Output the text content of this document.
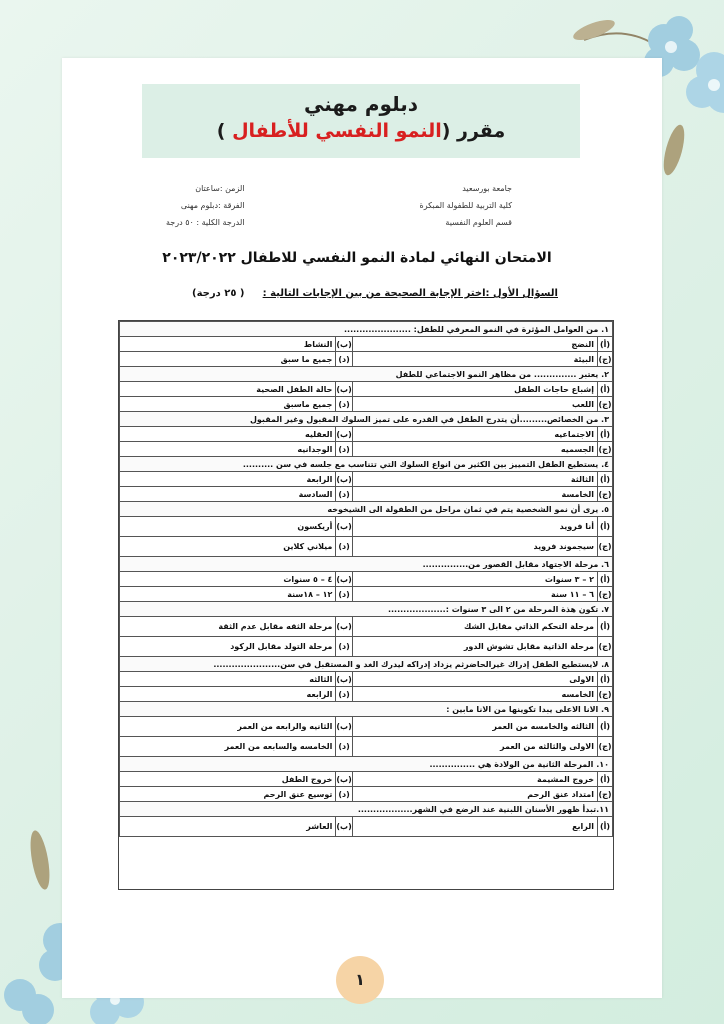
دبلوم مهني
مقرر (النمو النفسي للأطفال )
جامعة بورسعيد
كلية التربية للطفولة المبكرة
قسم العلوم النفسية
الزمن :ساعتان
الفرقة :دبلوم مهنى
الدرجة الكلية : ٥٠ درجة
الامتحان النهائي لمادة النمو النفسي للاطفال ٢٠٢٣/٢٠٢٢
السؤال الأول :اختر الإجابة الصحيحة من بين الإجابات التالية :
( ٢٥ درجة)
١. من العوامل المؤثرة في النمو المعرفي للطفل: ......................			
(أ)	النضج	(ب)	النشاط
(ج)	البيئة	(د)	جميع ما سبق
٢. يعتبر .............. من مظاهر النمو الاجتماعي للطفل			
(أ)	إشباع حاجات الطفل	(ب)	حالة الطفل الصحية
(ج)	اللعب	(د)	جميع ماسبق
٣. من الخصائص.........أن يتدرج الطفل في القدره على تميز السلوك المقبول وغير المقبول			
(أ)	الاجتماعيه	(ب)	العقليه
(ج)	الجسميه	(د)	الوجدانيه
٤. يستطيع الطفل التمييز بين الكثير من انواع السلوك التي تتناسب مع جلسه في سن ..........			
(أ)	الثالثة	(ب)	الرابعة
(ج)	الخامسة	(د)	السادسة
٥. يرى أن نمو الشخصية يتم في ثمان مراحل من الطفولة الى الشيخوخه			
(أ)	أنا فرويد	(ب)	أريكسون
(ج)	سيجموند فرويد	(د)	ميلاني كلاين
٦. مرحلة الاجتهاد مقابل القصور من...............			
(أ)	٢ – ٣ سنوات	(ب)	٤ – ٥ سنوات
(ج)	٦ – ١١ سنة	(د)	١٢ – ١٨سنة
٧. تكون هذة المرحلة من ٢ الى ٣ سنوات :...................			
(أ)	مرحلة التحكم الذاتي مقابل الشك	(ب)	مرحلة الثقه مقابل عدم الثقة
(ج)	مرحلة الذاتية مقابل تشوش الدور	(د)	مرحلة التولد مقابل الركود
٨. لايستطيع الطفل إدراك غيرالحاضرثم يزداد إدراكه ليدرك الغد و المستقبل في سن......................			
(أ)	الاولى	(ب)	الثالثه
(ج)	الخامسه	(د)	الرابعه
٩. الانا الاعلى يبدا تكوينها من الانا مابين :			
(أ)	الثالثه والخامسه من العمر	(ب)	الثانيه والرابعه من العمر
(ج)	الاولى والثالثه من العمر	(د)	الخامسه والسابعه من العمر
١٠. المرحلة الثانية من الولادة هي ...............			
(أ)	خروج المشيمة	(ب)	خروج الطفل
(ج)	امتداد عنق الرحم	(د)	توسيع عنق الرحم
١١.تبدأ ظهور الأسنان اللبنية عند الرضع في الشهر..................			
(أ)	الرابع	(ب)	العاشر
١
